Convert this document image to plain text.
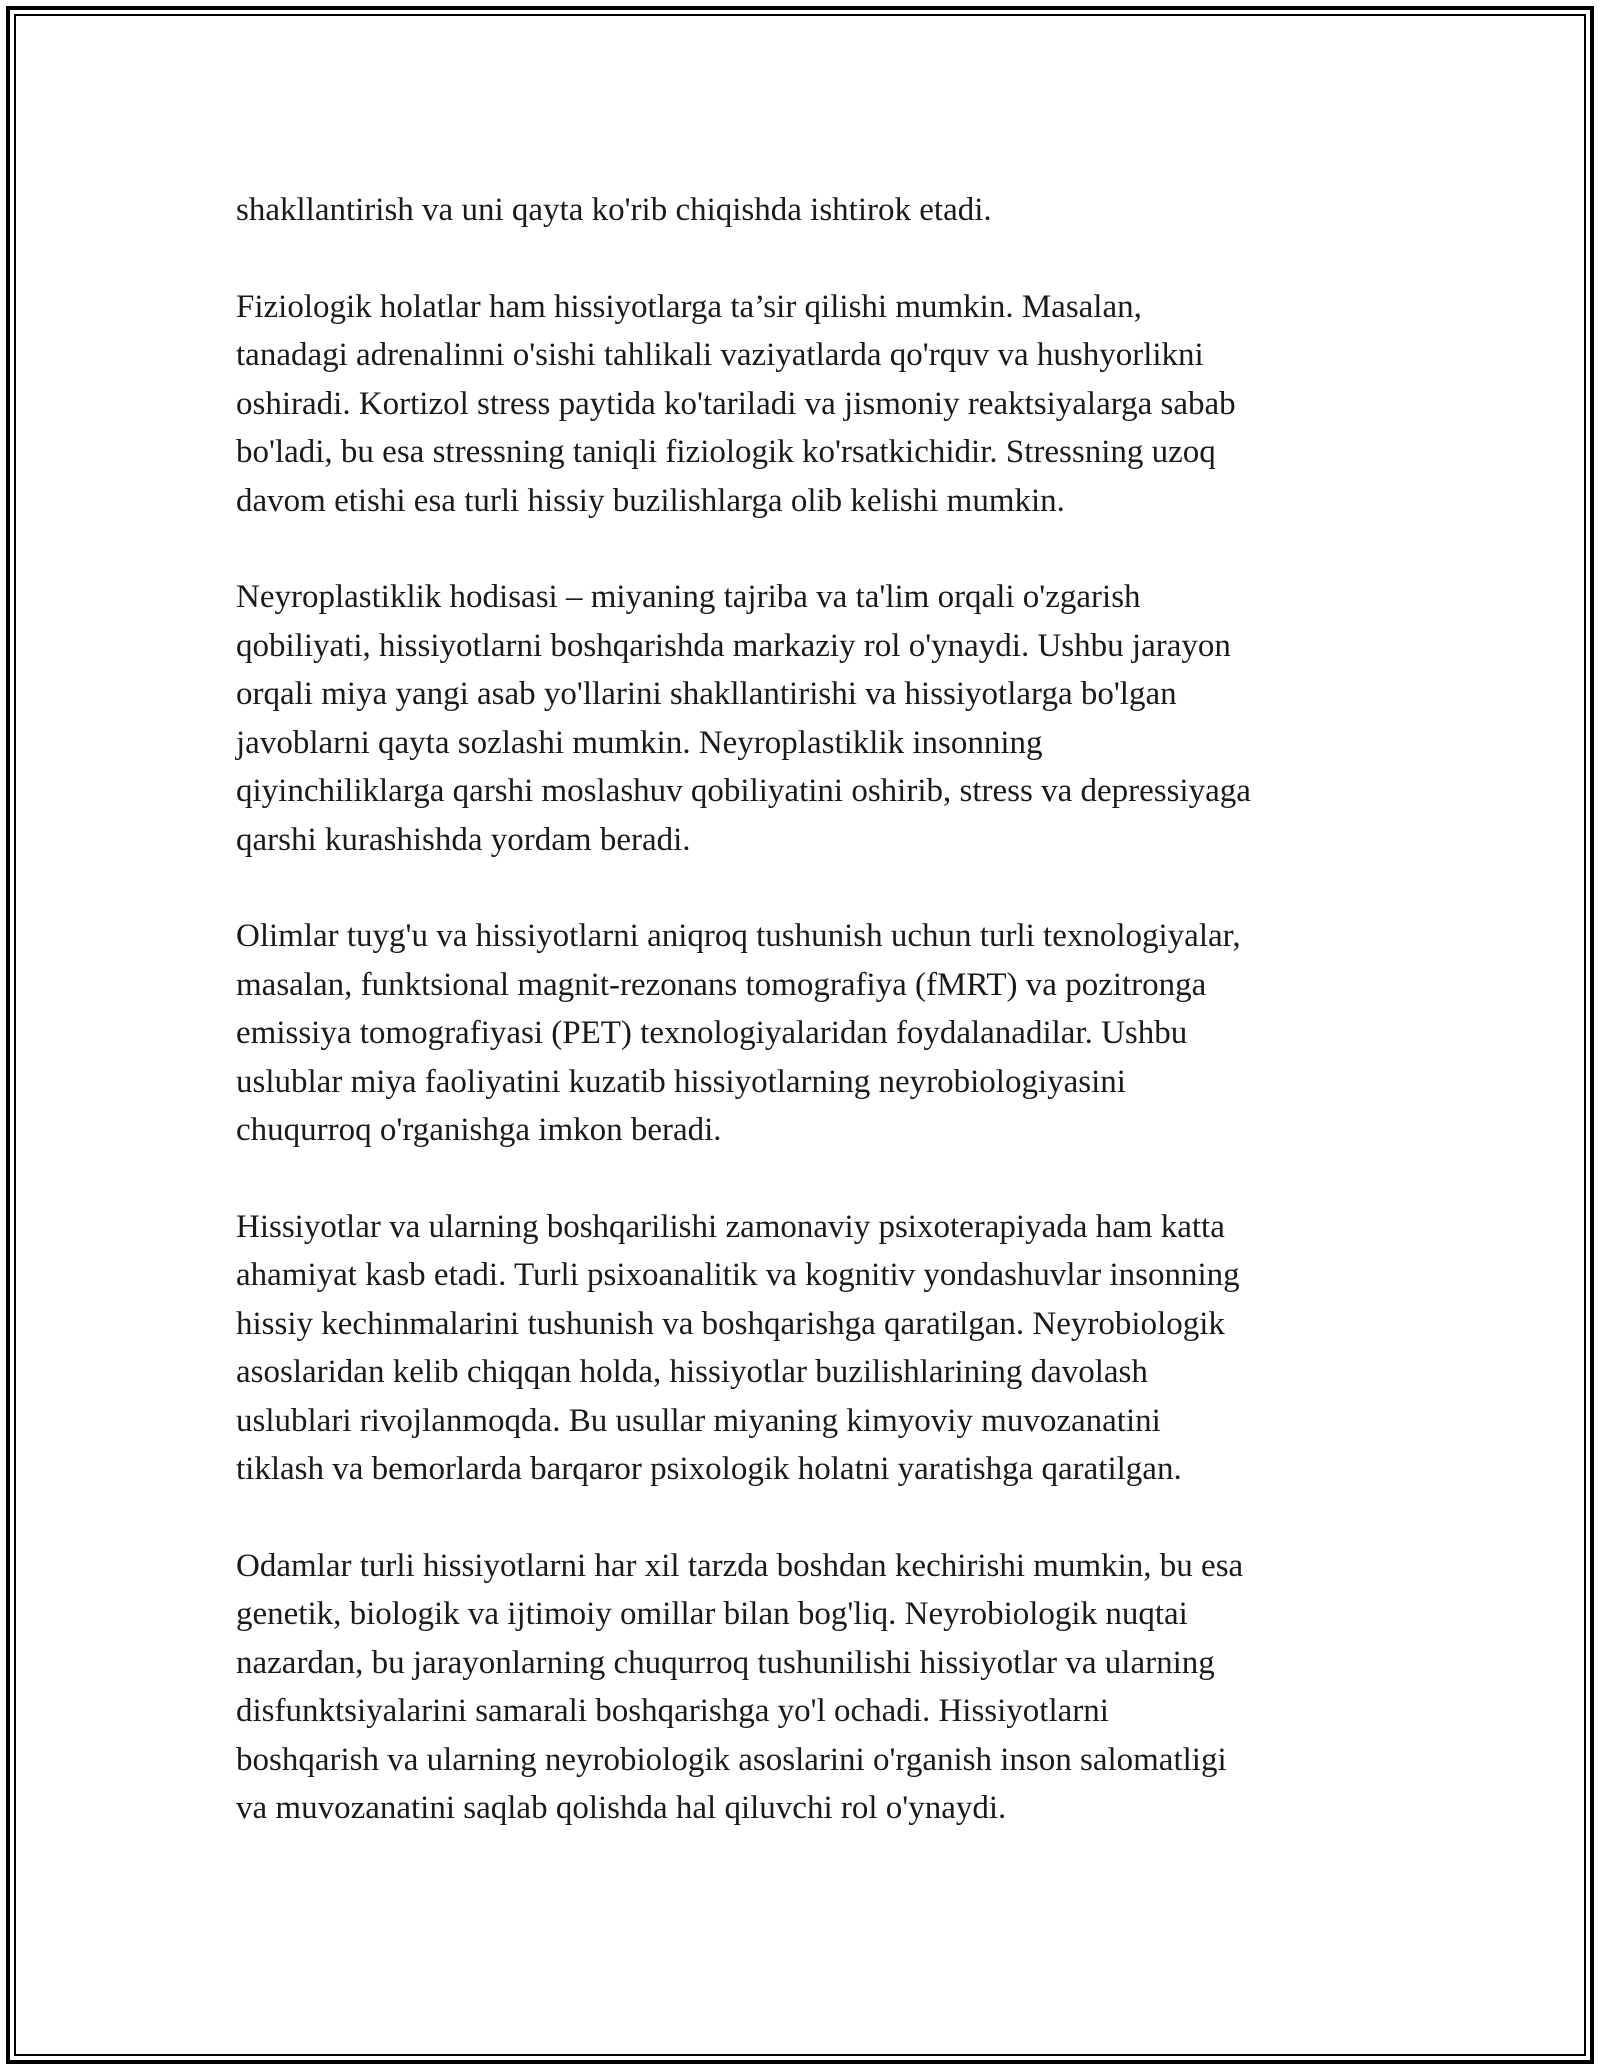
shakllantirish va uni qayta ko'rib chiqishda ishtirok etadi.

Fiziologik holatlar ham hissiyotlarga ta’sir qilishi mumkin. Masalan,
tanadagi adrenalinni o'sishi tahlikali vaziyatlarda qo'rquv va hushyorlikni
oshiradi. Kortizol stress paytida ko'tariladi va jismoniy reaktsiyalarga sabab
bo'ladi, bu esa stressning taniqli fiziologik ko'rsatkichidir. Stressning uzoq
davom etishi esa turli hissiy buzilishlarga olib kelishi mumkin.

Neyroplastiklik hodisasi – miyaning tajriba va ta'lim orqali o'zgarish
qobiliyati, hissiyotlarni boshqarishda markaziy rol o'ynaydi. Ushbu jarayon
orqali miya yangi asab yo'llarini shakllantirishi va hissiyotlarga bo'lgan
javoblarni qayta sozlashi mumkin. Neyroplastiklik insonning
qiyinchiliklarga qarshi moslashuv qobiliyatini oshirib, stress va depressiyaga
qarshi kurashishda yordam beradi.

Olimlar tuyg'u va hissiyotlarni aniqroq tushunish uchun turli texnologiyalar,
masalan, funktsional magnit-rezonans tomografiya (fMRT) va pozitronga
emissiya tomografiyasi (PET) texnologiyalaridan foydalanadilar. Ushbu
uslublar miya faoliyatini kuzatib hissiyotlarning neyrobiologiyasini
chuqurroq o'rganishga imkon beradi.

Hissiyotlar va ularning boshqarilishi zamonaviy psixoterapiyada ham katta
ahamiyat kasb etadi. Turli psixoanalitik va kognitiv yondashuvlar insonning
hissiy kechinmalarini tushunish va boshqarishga qaratilgan. Neyrobiologik
asoslaridan kelib chiqqan holda, hissiyotlar buzilishlarining davolash
uslublari rivojlanmoqda. Bu usullar miyaning kimyoviy muvozanatini
tiklash va bemorlarda barqaror psixologik holatni yaratishga qaratilgan.

Odamlar turli hissiyotlarni har xil tarzda boshdan kechirishi mumkin, bu esa
genetik, biologik va ijtimoiy omillar bilan bog'liq. Neyrobiologik nuqtai
nazardan, bu jarayonlarning chuqurroq tushunilishi hissiyotlar va ularning
disfunktsiyalarini samarali boshqarishga yo'l ochadi. Hissiyotlarni
boshqarish va ularning neyrobiologik asoslarini o'rganish inson salomatligi
va muvozanatini saqlab qolishda hal qiluvchi rol o'ynaydi.
